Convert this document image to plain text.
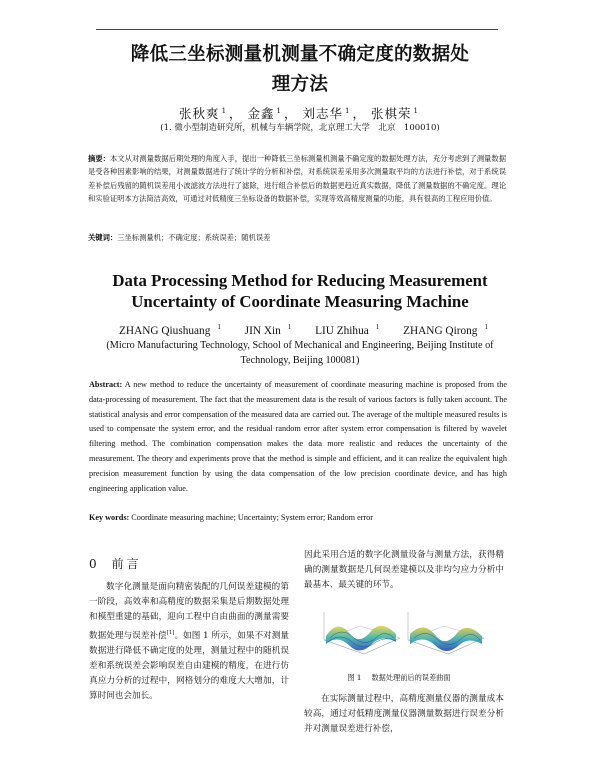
降低三坐标测量机测量不确定度的数据处
理方法
张秋爽 $^1$ ， 金鑫 $^1$ ， 刘志华 $^1$ ， 张棋荣 $^1$
(1. 微小型制造研究所，机械与车辆学院，北京理工大学　北京　100010)
摘要：本文从对测量数据后期处理的角度入手，提出一种降低三坐标测量机测量不确定度的数据处理方法，充分考虑到了测量数据是受各种因素影响的结果，对测量数据进行了统计学的分析和补偿，对系统误差采用多次测量取平均的方法进行补偿，对于系统误差补偿后残留的随机误差用小波滤波方法进行了滤除，进行组合补偿后的数据更趋近真实数据，降低了测量数据的不确定度。理论和实验证明本方法简洁高效，可通过对低精度三坐标设备的数据补偿，实现等效高精度测量的功能，具有很高的工程应用价值。
关键词：三坐标测量机；不确定度；系统误差；随机误差
Data Processing Method for Reducing Measurement
Uncertainty of Coordinate Measuring Machine
ZHANG Qiushuang $^1$ JIN Xin $^1$ LIU Zhihua $^1$ ZHANG Qirong $^1$
(Micro Manufacturing Technology, School of Mechanical and Engineering, Beijing Institute of Technology, Beijing 100081)
Abstract: A new method to reduce the uncertainty of measurement of coordinate measuring machine is proposed from the data-processing of measurement. The fact that the measurement data is the result of various factors is fully taken account. The statistical analysis and error compensation of the measured data are carried out. The average of the multiple measured results is used to compensate the system error, and the residual random error after system error compensation is filtered by wavelet filtering method. The combination compensation makes the data more realistic and reduces the uncertainty of the measurement. The theory and experiments prove that the method is simple and efficient, and it can realize the equivalent high precision measurement function by using the data compensation of the low precision coordinate device, and has high engineering application value.
Key words: Coordinate measuring machine; Uncertainty; System error; Random error
0 前言
数字化测量是面向精密装配的几何误差建模的第一阶段，高效率和高精度的数据采集是后期数据处理和模型重建的基础，迎向工程中自由曲面的测量需要数据处理与误差补偿[1]。如图 1 所示，如果不对测量数据进行降低不确定度的处理，测量过程中的随机误差和系统误差会影响误差自由建模的精度，在进行仿真应力分析的过程中，网格划分的难度大大增加，计算时间也会加长。
因此采用合适的数字化测量设备与测量方法，获得精确的测量数据是几何误差建模以及非均匀应力分析中最基本、最关键的环节。
图 1 数据处理前后的误差曲面
在实际测量过程中，高精度测量仪器的测量成本较高，通过对低精度测量仪器测量数据进行误差分析并对测量误差进行补偿，
